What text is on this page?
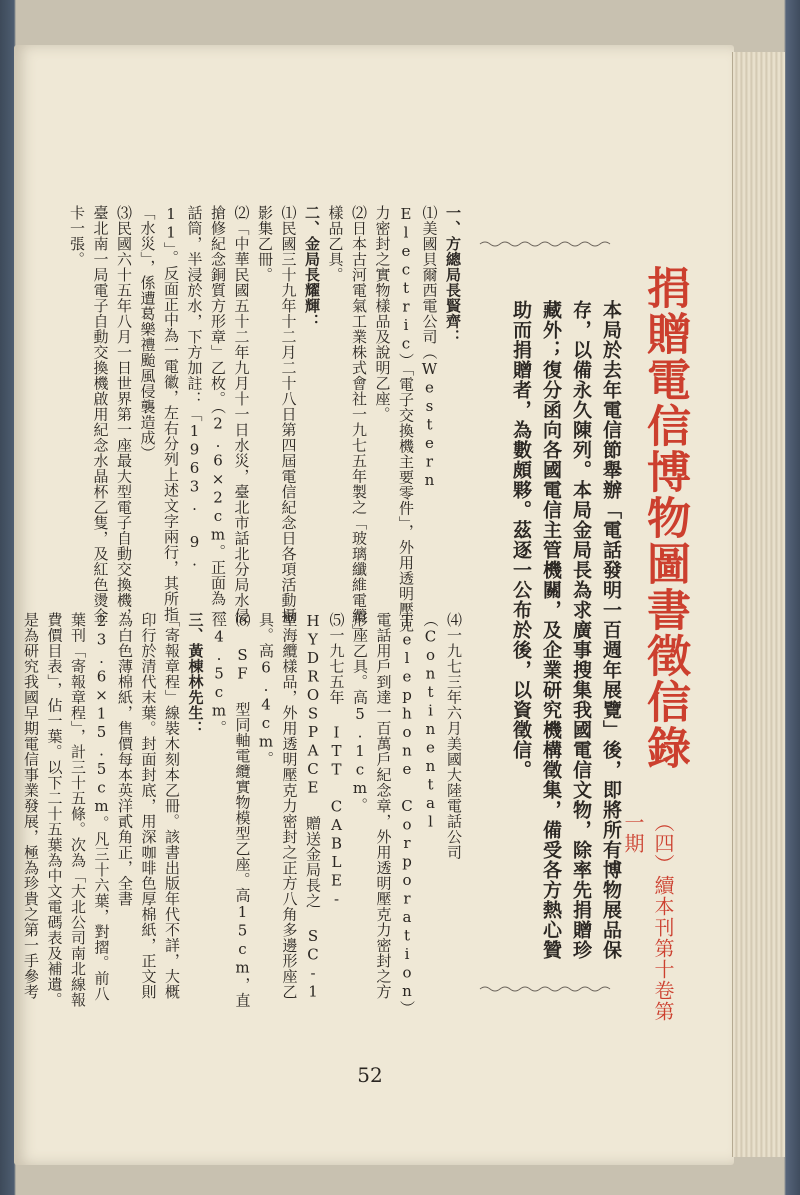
捐贈電信博物圖書徵信錄
（四）續本刊第十卷第一期
本局於去年電信節舉辦「電話發明一百週年展覽」後，即將所有博物展品保存，以備永久陳列。本局金局長為求廣事搜集我國電信文物，除率先捐贈珍藏外；復分函向各國電信主管機關，及企業研究機構徵集，備受各方熱心贊助而捐贈者，為數頗夥。茲逐一公布於後，以資徵信。
一、方總局長賢齊：
⑴美國貝爾西電公司（Western Electric）「電子交換機主要零件」，外用透明壓克力密封之實物樣品及說明乙座。
⑵日本古河電氣工業株式會社一九七五年製之「玻璃纖維電纜」樣品乙具。
二、金局長耀輝：
⑴民國三十九年十二月二十八日第四屆電信紀念日各項活動攝影集乙冊。
⑵「中華民國五十二年九月十一日水災，臺北市話北分局水侵搶修紀念銅質方形章」乙枚。（2.6×2cm。正面為一話筒，半浸於水，下方加註：「1963. 9. 11」。反面正中為一電徽，左右分列上述文字兩行，其所指「水災」，係遭葛樂禮颱風侵襲造成）
⑶民國六十五年八月一日世界第一座最大型電子自動交換機，臺北南一局電子自動交換機啟用紀念水晶杯乙隻，及紅色燙金卡一張。
⑷一九七三年六月美國大陸電話公司（Continental Telephone Corporation）電話用戶到達一百萬戶紀念章，外用透明壓克力密封之方形座乙具。高5.1cm。
⑸一九七五年 ITT CABLE-HYDROSPACE 贈送金局長之 SC-1 型海纜樣品，外用透明壓克力密封之正方八角多邊形座乙具。高6.4cm。
⑹ SF 型同軸電纜實物模型乙座。高15cm，直徑4.5cm。
三、黃棟林先生：
「寄報章程」線裝木刻本乙冊。該書出版年代不詳，大概印行於清代末葉。封面封底，用深咖啡色厚棉紙，正文則為白色薄棉紙，售價每本英洋貳角正，全書23.6×15.5cm。凡三十六葉，對摺。前八葉刊「寄報章程」，計三十五條。次為「大北公司南北線報費價目表」，佔一葉。以下二十五葉為中文電碼表及補遺。是為研究我國早期電信事業發展，極為珍貴之第一手參考
52
